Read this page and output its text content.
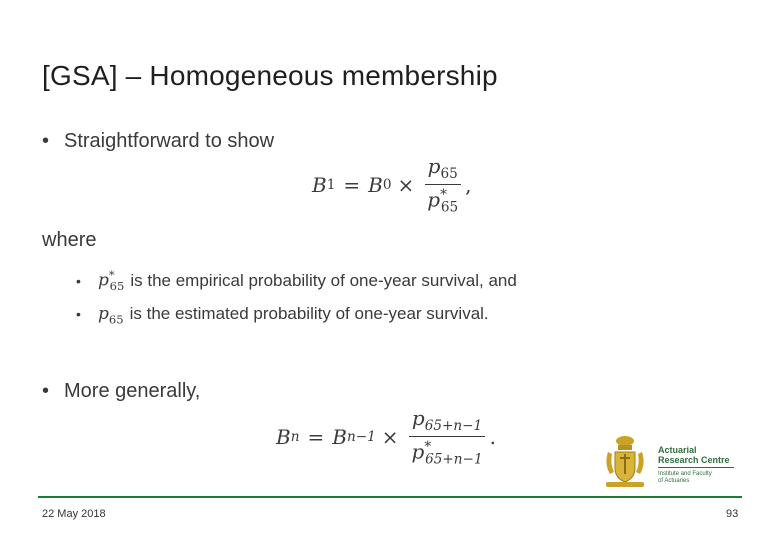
[GSA] – Homogeneous membership
• Straightforward to show
B 1 = B $0 \times \frac{p_{65}}{p^*_{65}}$ ,
where
•	$p^*_{65}$ is the empirical probability of one-year survival, and
•	$p_{65}$ is the estimated probability of one-year survival.
• More generally,
B n = B $n-1 \times \frac{p_{65+n-1}}{p^*_{65+n-1}}$ .
Actuarial
Research Centre
Institute and Faculty
of Actuaries
22 May 2018	93
